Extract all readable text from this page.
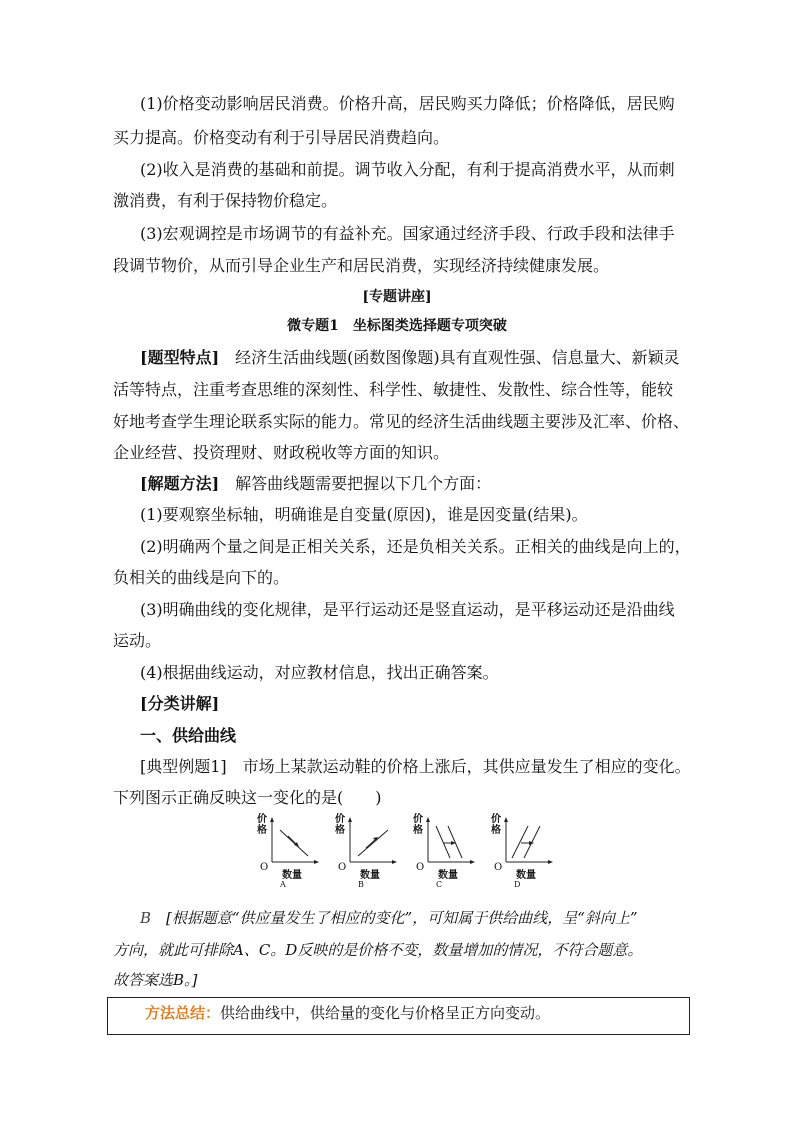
(1)价格变动影响居民消费。价格升高，居民购买力降低；价格降低，居民购
买力提高。价格变动有利于引导居民消费趋向。
(2)收入是消费的基础和前提。调节收入分配，有利于提高消费水平，从而刺
激消费，有利于保持物价稳定。
(3)宏观调控是市场调节的有益补充。国家通过经济手段、行政手段和法律手
段调节物价，从而引导企业生产和居民消费，实现经济持续健康发展。
[专题讲座]
微专题1　坐标图类选择题专项突破
[题型特点]　经济生活曲线题(函数图像题)具有直观性强、信息量大、新颖灵
活等特点，注重考查思维的深刻性、科学性、敏捷性、发散性、综合性等，能较
好地考查学生理论联系实际的能力。常见的经济生活曲线题主要涉及汇率、价格、
企业经营、投资理财、财政税收等方面的知识。
[解题方法]　解答曲线题需要把握以下几个方面：
(1)要观察坐标轴，明确谁是自变量(原因)，谁是因变量(结果)。
(2)明确两个量之间是正相关关系，还是负相关关系。正相关的曲线是向上的，
负相关的曲线是向下的。
(3)明确曲线的变化规律，是平行运动还是竖直运动，是平移运动还是沿曲线
运动。
(4)根据曲线运动，对应教材信息，找出正确答案。
[分类讲解]
一、供给曲线
[典型例题1]　市场上某款运动鞋的价格上涨后，其供应量发生了相应的变化。
下列图示正确反映这一变化的是(　　)
价格
O
数量
A
价格
O
数量
B
价格
O
数量
C
价格
O
数量
D
B　[根据题意“供应量发生了相应的变化”，可知属于供给曲线，呈“斜向上”
方向，就此可排除A、C。D反映的是价格不变，数量增加的情况，不符合题意。
故答案选B。]
方法总结：供给曲线中，供给量的变化与价格呈正方向变动。
